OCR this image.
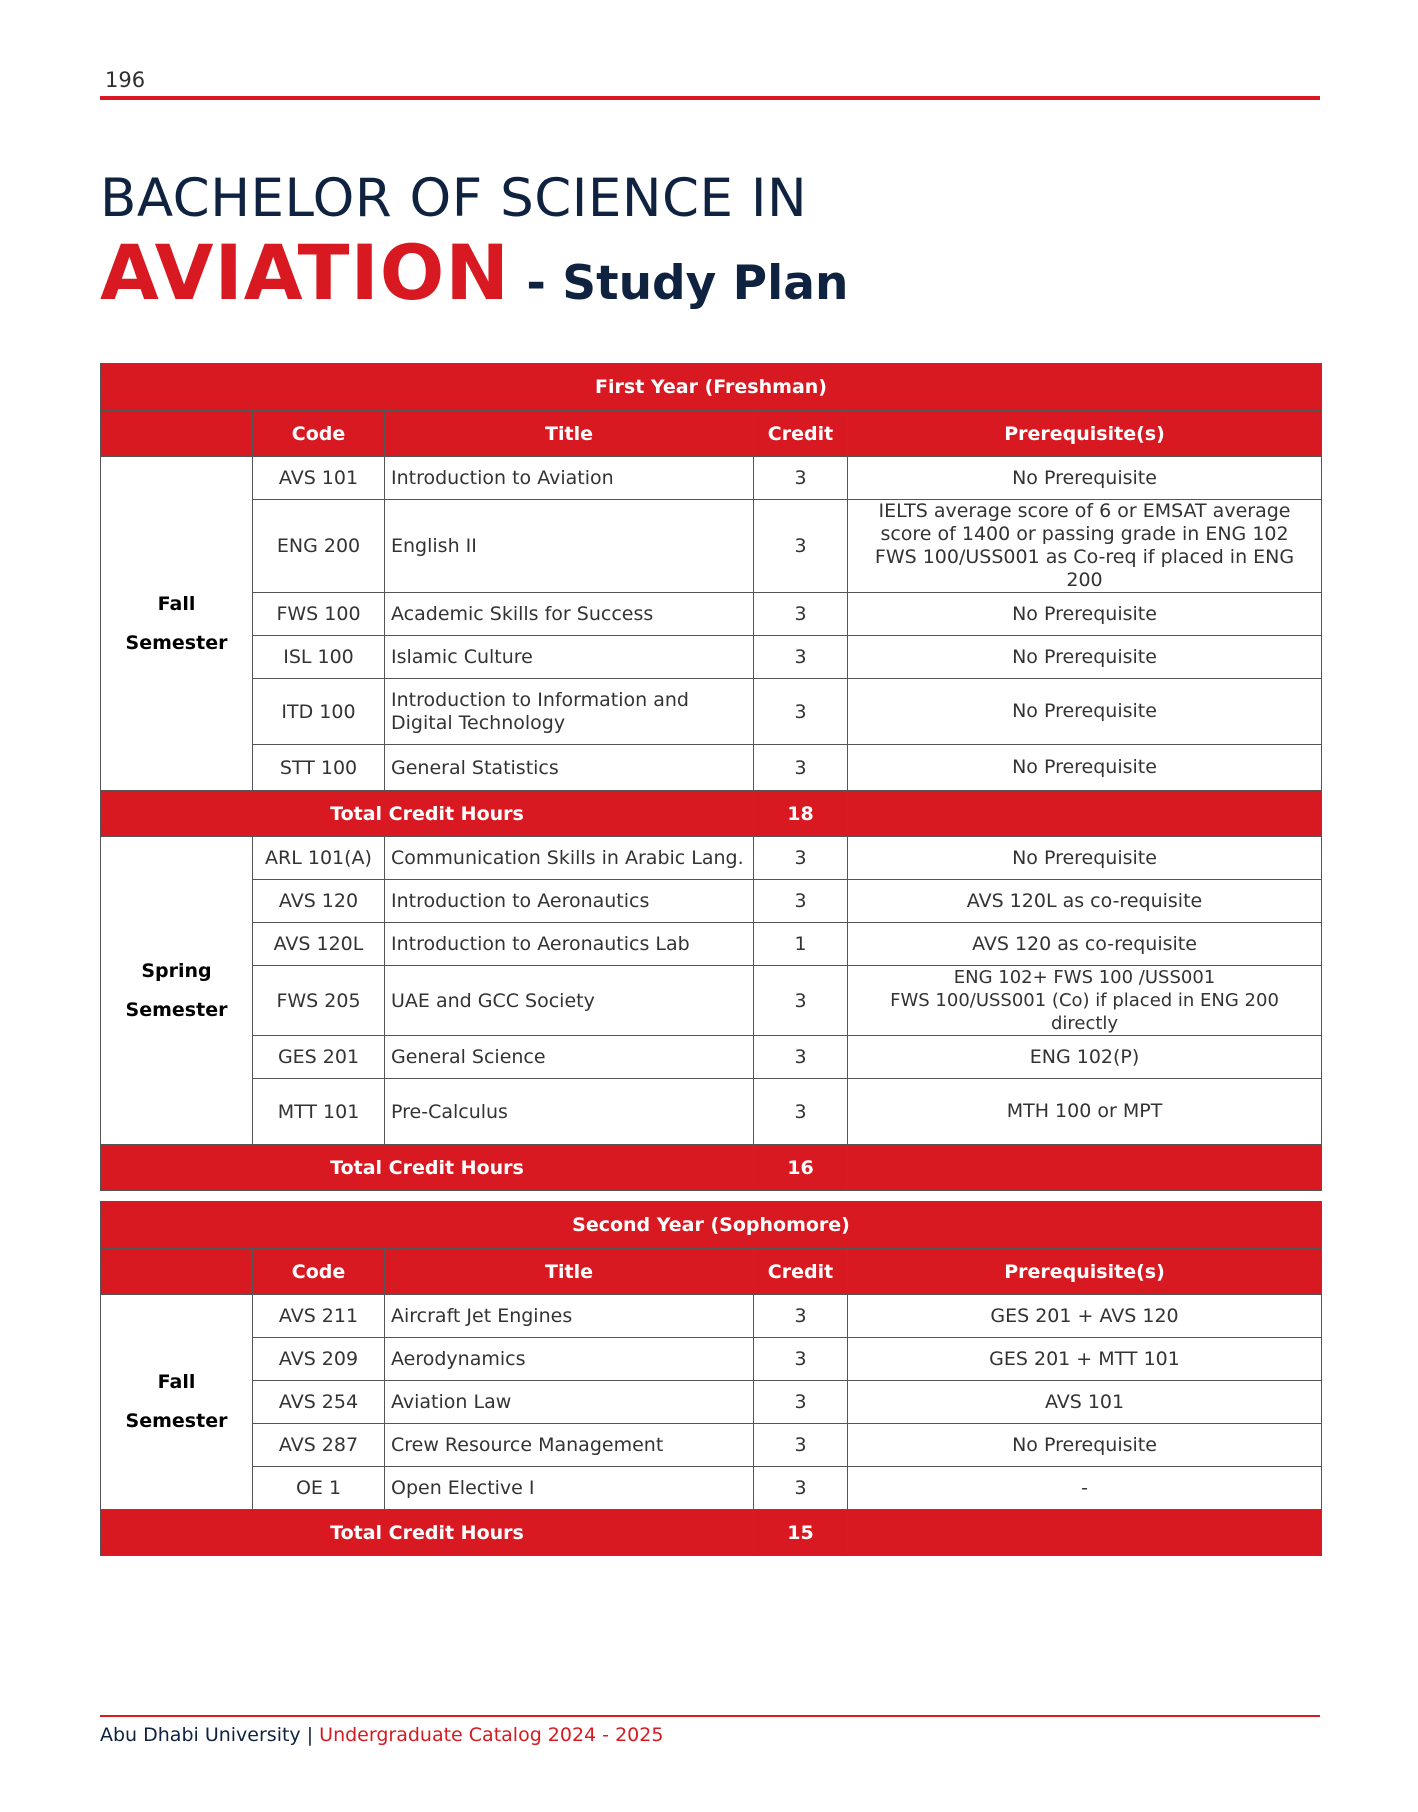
196
BACHELOR OF SCIENCE IN
AVIATION - Study Plan
First Year (Freshman)				
	Code	Title	Credit	Prerequisite(s)

Fall
Semester	AVS 101	Introduction to Aviation	3	No Prerequisite

	ENG 200	English II	3	IELTS average score of 6 or EMSAT average
score of 1400 or passing grade in ENG 102
FWS 100/USS001 as Co-req if placed in ENG 200

	FWS 100	Academic Skills for Success	3	No Prerequisite

	ISL 100	Islamic Culture	3	No Prerequisite

	ITD 100	Introduction to Information and Digital Technology	3	No Prerequisite

	STT 100	General Statistics	3	No Prerequisite

Total Credit Hours			18	

Spring
Semester	ARL 101(A)	Communication Skills in Arabic Lang.	3	No Prerequisite

	AVS 120	Introduction to Aeronautics	3	AVS 120L as co-requisite

	AVS 120L	Introduction to Aeronautics Lab	1	AVS 120 as co-requisite

	FWS 205	UAE and GCC Society	3	ENG 102+ FWS 100 /USS001
FWS 100/USS001 (Co) if placed in ENG 200 directly

	GES 201	General Science	3	ENG 102(P)

	MTT 101	Pre-Calculus	3	MTH 100 or MPT

Total Credit Hours			16	
Second Year (Sophomore)				
	Code	Title	Credit	Prerequisite(s)

Fall
Semester	AVS 211	Aircraft Jet Engines	3	GES 201 + AVS 120

	AVS 209	Aerodynamics	3	GES 201 + MTT 101

	AVS 254	Aviation Law	3	AVS 101

	AVS 287	Crew Resource Management	3	No Prerequisite

	OE 1	Open Elective I	3	-

Total Credit Hours			15	
Abu Dhabi University | Undergraduate Catalog 2024 - 2025
